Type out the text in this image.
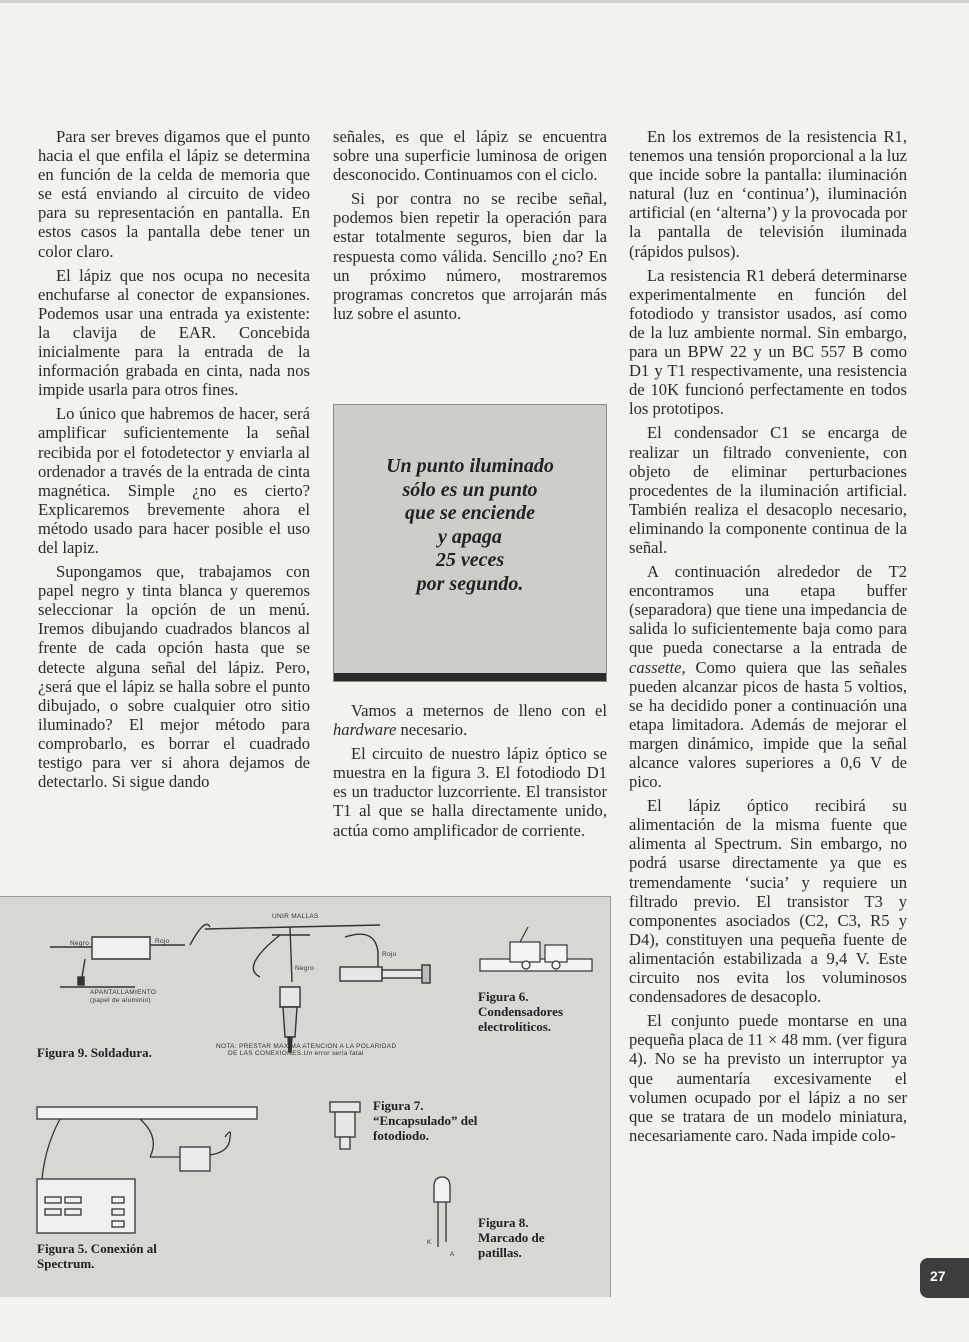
Para ser breves digamos que el punto hacia el que enfila el lápiz se determina en función de la celda de memoria que se está enviando al circuito de video para su representación en pantalla. En estos casos la pantalla debe tener un color claro.

El lápiz que nos ocupa no necesita enchufarse al conector de expansiones. Podemos usar una entrada ya existente: la clavija de EAR. Concebida inicialmente para la entrada de la información grabada en cinta, nada nos impide usarla para otros fines.

Lo único que habremos de hacer, será amplificar suficientemente la señal recibida por el fotodetector y enviarla al ordenador a través de la entrada de cinta magnética. Simple ¿no es cierto? Explicaremos brevemente ahora el método usado para hacer posible el uso del lapiz.

Supongamos que, trabajamos con papel negro y tinta blanca y queremos seleccionar la opción de un menú. Iremos dibujando cuadrados blancos al frente de cada opción hasta que se detecte alguna señal del lápiz. Pero, ¿será que el lápiz se halla sobre el punto dibujado, o sobre cualquier otro sitio iluminado? El mejor método para comprobarlo, es borrar el cuadrado testigo para ver si ahora dejamos de detectarlo. Si sigue dando

señales, es que el lápiz se encuentra sobre una superficie luminosa de origen desconocido. Continuamos con el ciclo.

Si por contra no se recibe señal, podemos bien repetir la operación para estar totalmente seguros, bien dar la respuesta como válida. Sencillo ¿no? En un próximo número, mostraremos programas concretos que arrojarán más luz sobre el asunto.

Un punto iluminado
sólo es un punto
que se enciende
y apaga
25 veces
por segundo.

Vamos a meternos de lleno con el hardware necesario.

El circuito de nuestro lápiz óptico se muestra en la figura 3. El fotodiodo D1 es un traductor luzcorriente. El transistor T1 al que se halla directamente unido, actúa como amplificador de corriente.

En los extremos de la resistencia R1, tenemos una tensión proporcional a la luz que incide sobre la pantalla: iluminación natural (luz en ‘continua’), iluminación artificial (en ‘alterna’) y la provocada por la pantalla de televisión iluminada (rápidos pulsos).

La resistencia R1 deberá determinarse experimentalmente en función del fotodiodo y transistor usados, así como de la luz ambiente normal. Sin embargo, para un BPW 22 y un BC 557 B como D1 y T1 respectivamente, una resistencia de 10K funcionó perfectamente en todos los prototipos.

El condensador C1 se encarga de realizar un filtrado conveniente, con objeto de eliminar perturbaciones procedentes de la iluminación artificial. También realiza el desacoplo necesario, eliminando la componente continua de la señal.

A continuación alrededor de T2 encontramos una etapa buffer (separadora) que tiene una impedancia de salida lo suficientemente baja como para que pueda conectarse a la entrada de cassette, Como quiera que las señales pueden alcanzar picos de hasta 5 voltios, se ha decidido poner a continuación una etapa limitadora. Además de mejorar el margen dinámico, impide que la señal alcance valores superiores a 0,6 V de pico.

El lápiz óptico recibirá su alimentación de la misma fuente que alimenta al Spectrum. Sin embargo, no podrá usarse directamente ya que es tremendamente ‘sucia’ y requiere un filtrado previo. El transistor T3 y componentes asociados (C2, C3, R5 y D4), constituyen una pequeña fuente de alimentación estabilizada a 9,4 V. Este circuito nos evita los voluminosos condensadores de desacoplo.

El conjunto puede montarse en una pequeña placa de 11 × 48 mm. (ver figura 4). No se ha previsto un interruptor ya que aumentaría excesivamente el volumen ocupado por el lápiz a no ser que se tratara de un modelo miniatura, necesariamente caro. Nada impide colo-

Figura 9. Soldadura.
Figura 6. Condensadores electrolíticos.
Figura 7. “Encapsulado” del fotodiodo.
Figura 5. Conexión al Spectrum.
Figura 8. Marcado de patillas.
UNIR MALLAS
Negro	Rojo
Negro
Rojo
APANTALLAMIENTO
(papel de aluminio)
NOTA: PRESTAR MAXIMA ATENCION A LA POLARIDAD
DE LAS CONEXIONES.Un error sería fatal
K
A
27
